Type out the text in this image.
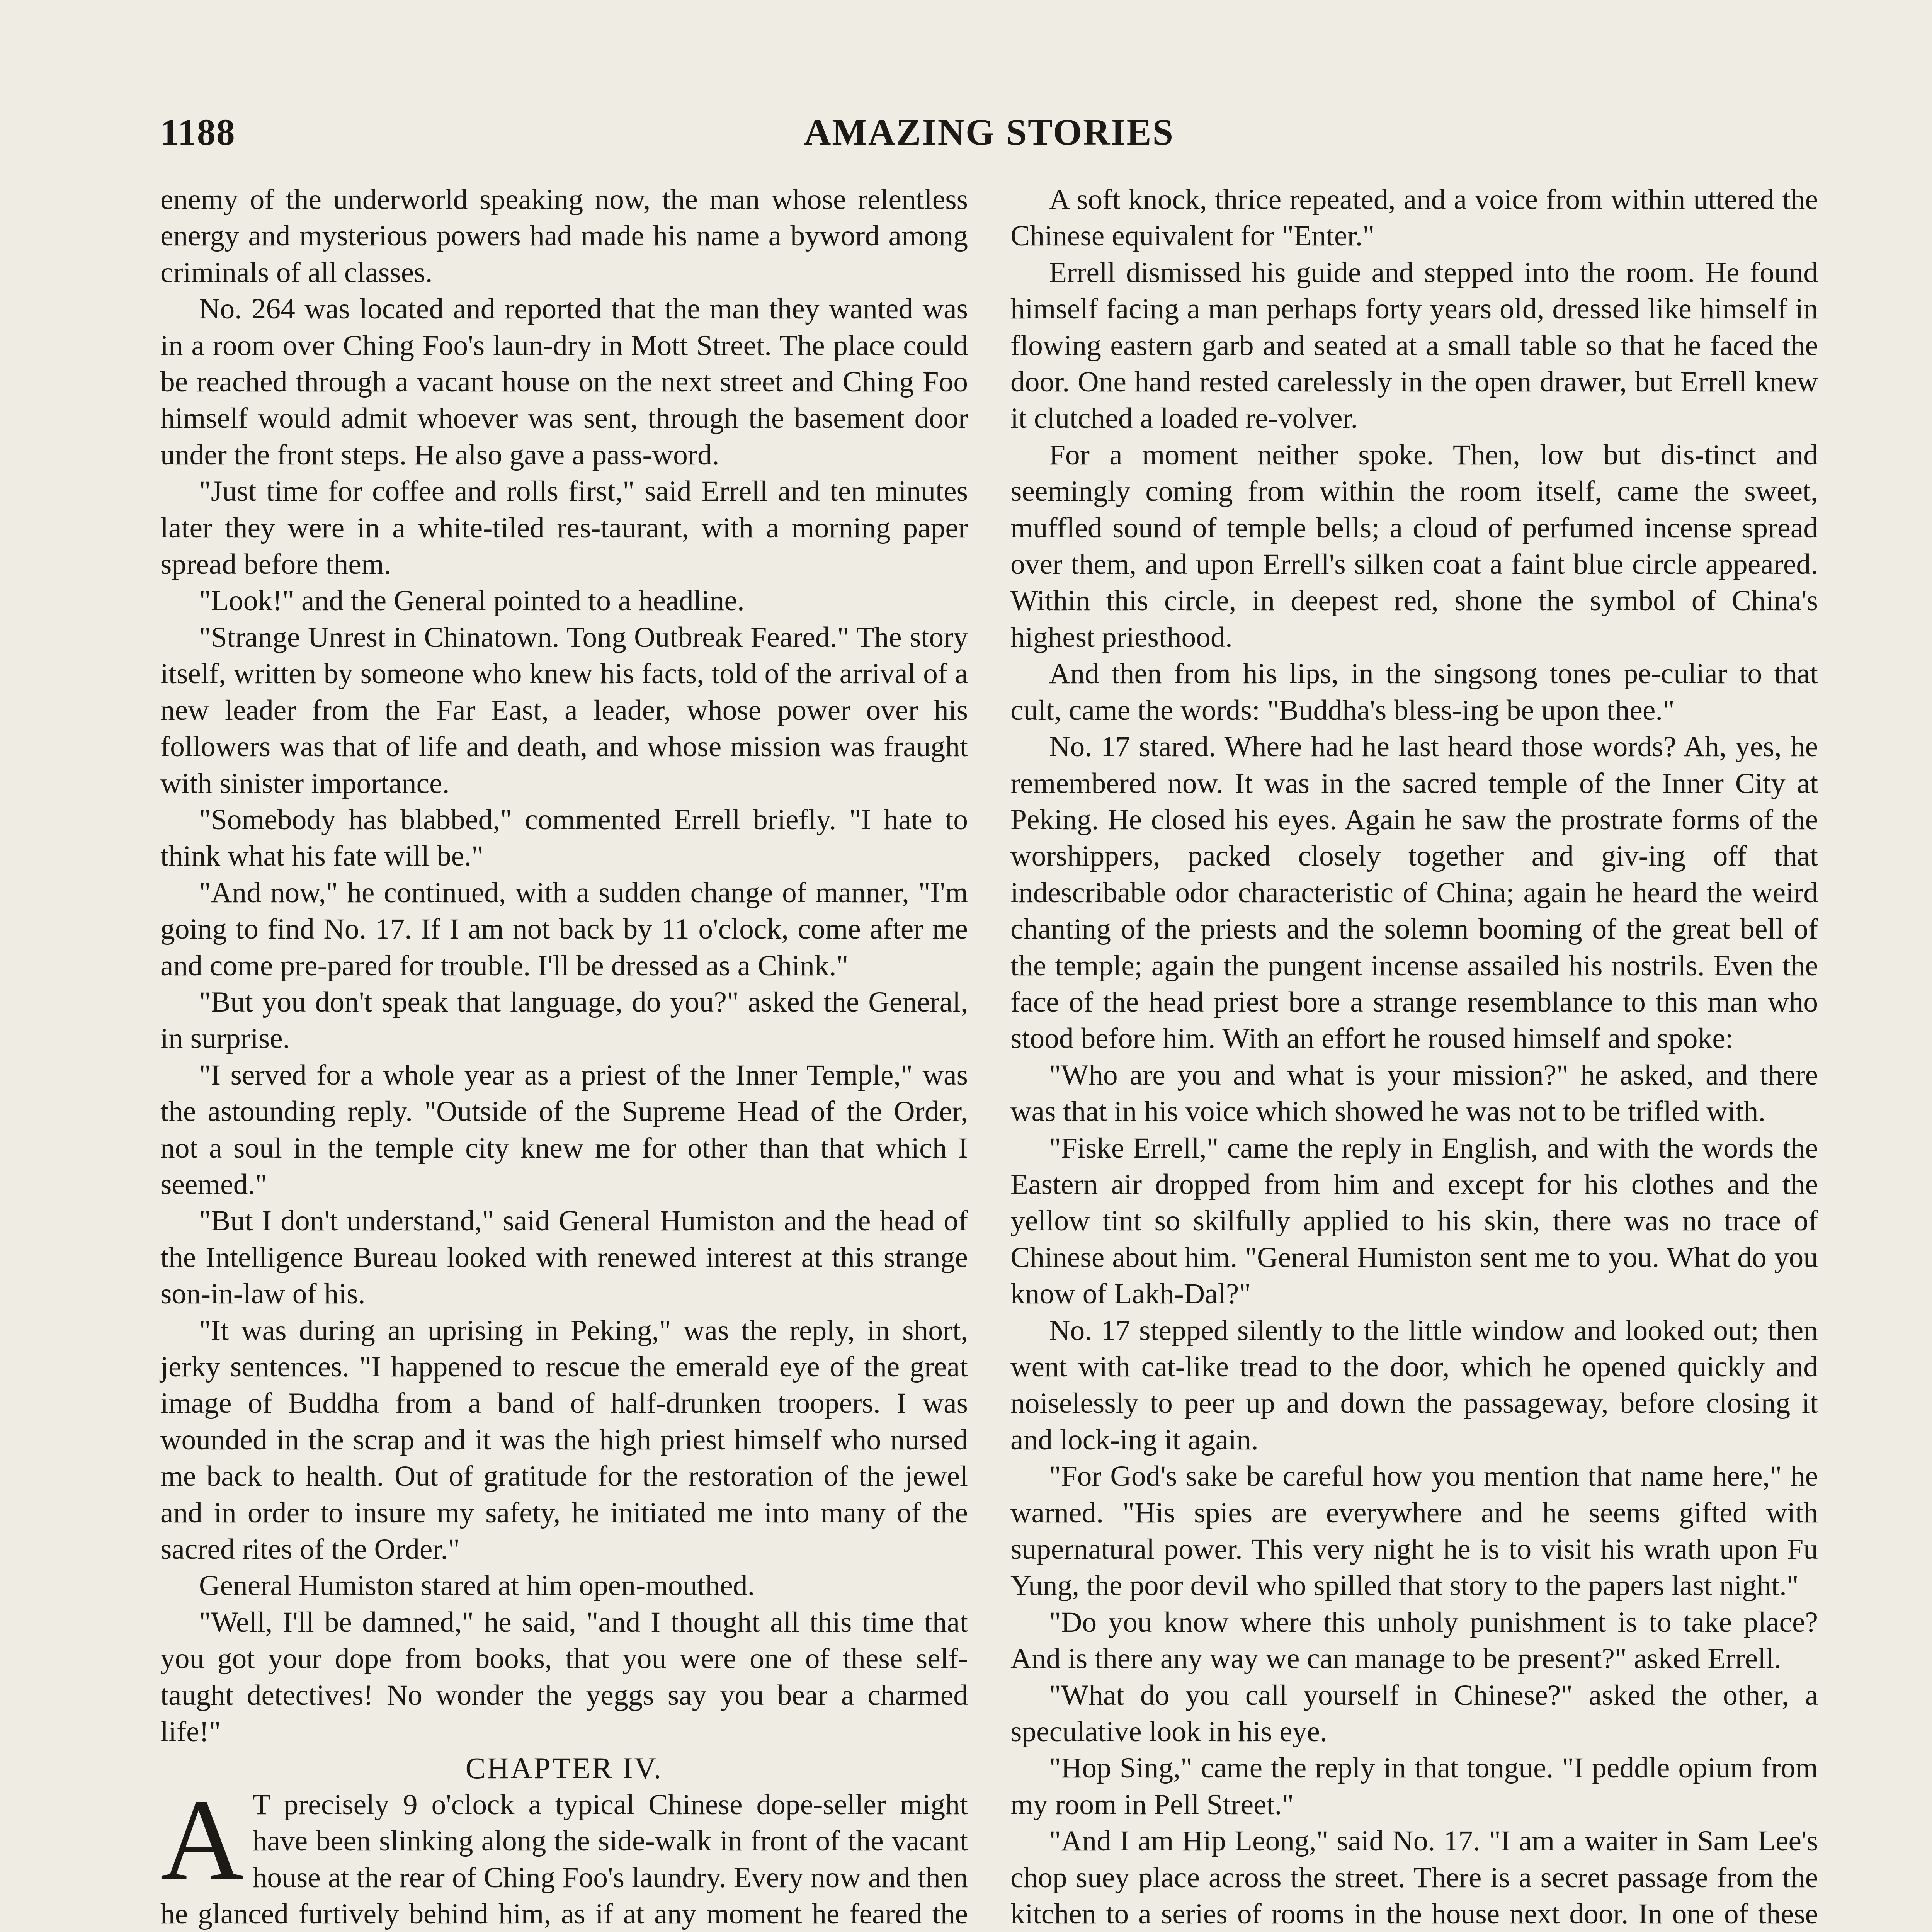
1188	AMAZING STORIES

enemy of the underworld speaking now, the man whose relentless energy and mysterious powers had made his name a byword among criminals of all classes.

No. 264 was located and reported that the man they wanted was in a room over Ching Foo's laun-dry in Mott Street. The place could be reached through a vacant house on the next street and Ching Foo himself would admit whoever was sent, through the basement door under the front steps. He also gave a pass-word.

"Just time for coffee and rolls first," said Errell and ten minutes later they were in a white-tiled res-taurant, with a morning paper spread before them.

"Look!" and the General pointed to a headline.

"Strange Unrest in Chinatown. Tong Outbreak Feared." The story itself, written by someone who knew his facts, told of the arrival of a new leader from the Far East, a leader, whose power over his followers was that of life and death, and whose mission was fraught with sinister importance.

"Somebody has blabbed," commented Errell briefly. "I hate to think what his fate will be."

"And now," he continued, with a sudden change of manner, "I'm going to find No. 17. If I am not back by 11 o'clock, come after me and come pre-pared for trouble. I'll be dressed as a Chink."

"But you don't speak that language, do you?" asked the General, in surprise.

"I served for a whole year as a priest of the Inner Temple," was the astounding reply. "Outside of the Supreme Head of the Order, not a soul in the temple city knew me for other than that which I seemed."

"But I don't understand," said General Humiston and the head of the Intelligence Bureau looked with renewed interest at this strange son-in-law of his.

"It was during an uprising in Peking," was the reply, in short, jerky sentences. "I happened to rescue the emerald eye of the great image of Buddha from a band of half-drunken troopers. I was wounded in the scrap and it was the high priest himself who nursed me back to health. Out of gratitude for the restoration of the jewel and in order to insure my safety, he initiated me into many of the sacred rites of the Order."

General Humiston stared at him open-mouthed.

"Well, I'll be damned," he said, "and I thought all this time that you got your dope from books, that you were one of these self-taught detectives! No wonder the yeggs say you bear a charmed life!"

CHAPTER IV.

A T precisely 9 o'clock a typical Chinese dope-seller might have been slinking along the side-walk in front of the vacant house at the rear of Ching Foo's laundry. Every now and then he glanced furtively behind him, as if at any moment he feared the

A soft knock, thrice repeated, and a voice from within uttered the Chinese equivalent for "Enter."

Errell dismissed his guide and stepped into the room. He found himself facing a man perhaps forty years old, dressed like himself in flowing eastern garb and seated at a small table so that he faced the door. One hand rested carelessly in the open drawer, but Errell knew it clutched a loaded re-volver.

For a moment neither spoke. Then, low but dis-tinct and seemingly coming from within the room itself, came the sweet, muffled sound of temple bells; a cloud of perfumed incense spread over them, and upon Errell's silken coat a faint blue circle appeared. Within this circle, in deepest red, shone the symbol of China's highest priesthood.

And then from his lips, in the singsong tones pe-culiar to that cult, came the words: "Buddha's bless-ing be upon thee."

No. 17 stared. Where had he last heard those words? Ah, yes, he remembered now. It was in the sacred temple of the Inner City at Peking. He closed his eyes. Again he saw the prostrate forms of the worshippers, packed closely together and giv-ing off that indescribable odor characteristic of China; again he heard the weird chanting of the priests and the solemn booming of the great bell of the temple; again the pungent incense assailed his nostrils. Even the face of the head priest bore a strange resemblance to this man who stood before him. With an effort he roused himself and spoke:

"Who are you and what is your mission?" he asked, and there was that in his voice which showed he was not to be trifled with.

"Fiske Errell," came the reply in English, and with the words the Eastern air dropped from him and except for his clothes and the yellow tint so skilfully applied to his skin, there was no trace of Chinese about him. "General Humiston sent me to you. What do you know of Lakh-Dal?"

No. 17 stepped silently to the little window and looked out; then went with cat-like tread to the door, which he opened quickly and noiselessly to peer up and down the passageway, before closing it and lock-ing it again.

"For God's sake be careful how you mention that name here," he warned. "His spies are everywhere and he seems gifted with supernatural power. This very night he is to visit his wrath upon Fu Yung, the poor devil who spilled that story to the papers last night."

"Do you know where this unholy punishment is to take place? And is there any way we can manage to be present?" asked Errell.

"What do you call yourself in Chinese?" asked the other, a speculative look in his eye.

"Hop Sing," came the reply in that tongue. "I peddle opium from my room in Pell Street."

"And I am Hip Leong," said No. 17. "I am a waiter in Sam Lee's chop suey place across the street. There is a secret passage from the kitchen to a series of rooms in the house next door. In one of these
